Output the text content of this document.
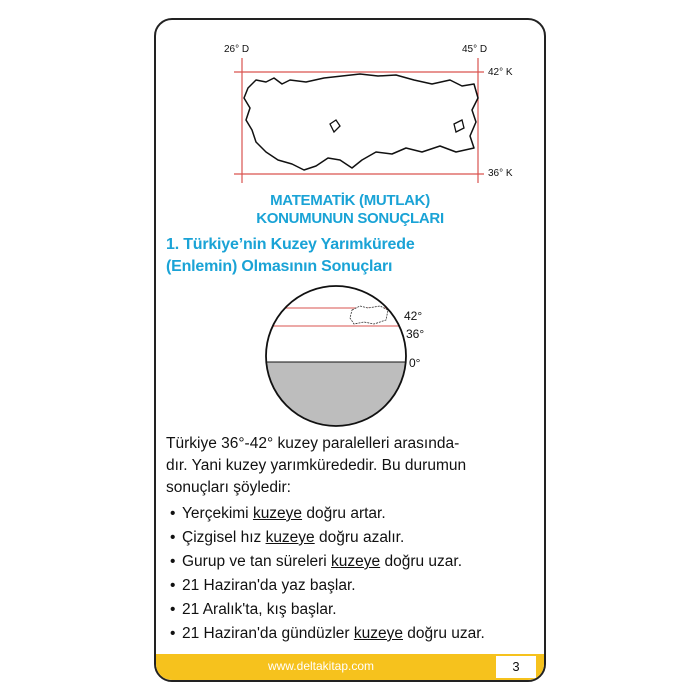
26° D	45° D
42° K
36° K
MATEMATİK (MUTLAK)
KONUMUNUN SONUÇLARI
1. Türkiye’nin Kuzey Yarımkürede
(Enlemin) Olmasının Sonuçları
42°
36°
0°

Türkiye 36°-42° kuzey paralelleri arasında-

dır. Yani kuzey yarımkürededir. Bu durumun

sonuçları şöyledir:

• Yerçekimi kuzeye doğru artar.
• Çizgisel hız kuzeye doğru azalır.
• Gurup ve tan süreleri kuzeye doğru uzar.
• 21 Haziran'da yaz başlar.
• 21 Aralık'ta, kış başlar.
• 21 Haziran'da gündüzler kuzeye doğru uzar.
www.deltakitap.com	3
